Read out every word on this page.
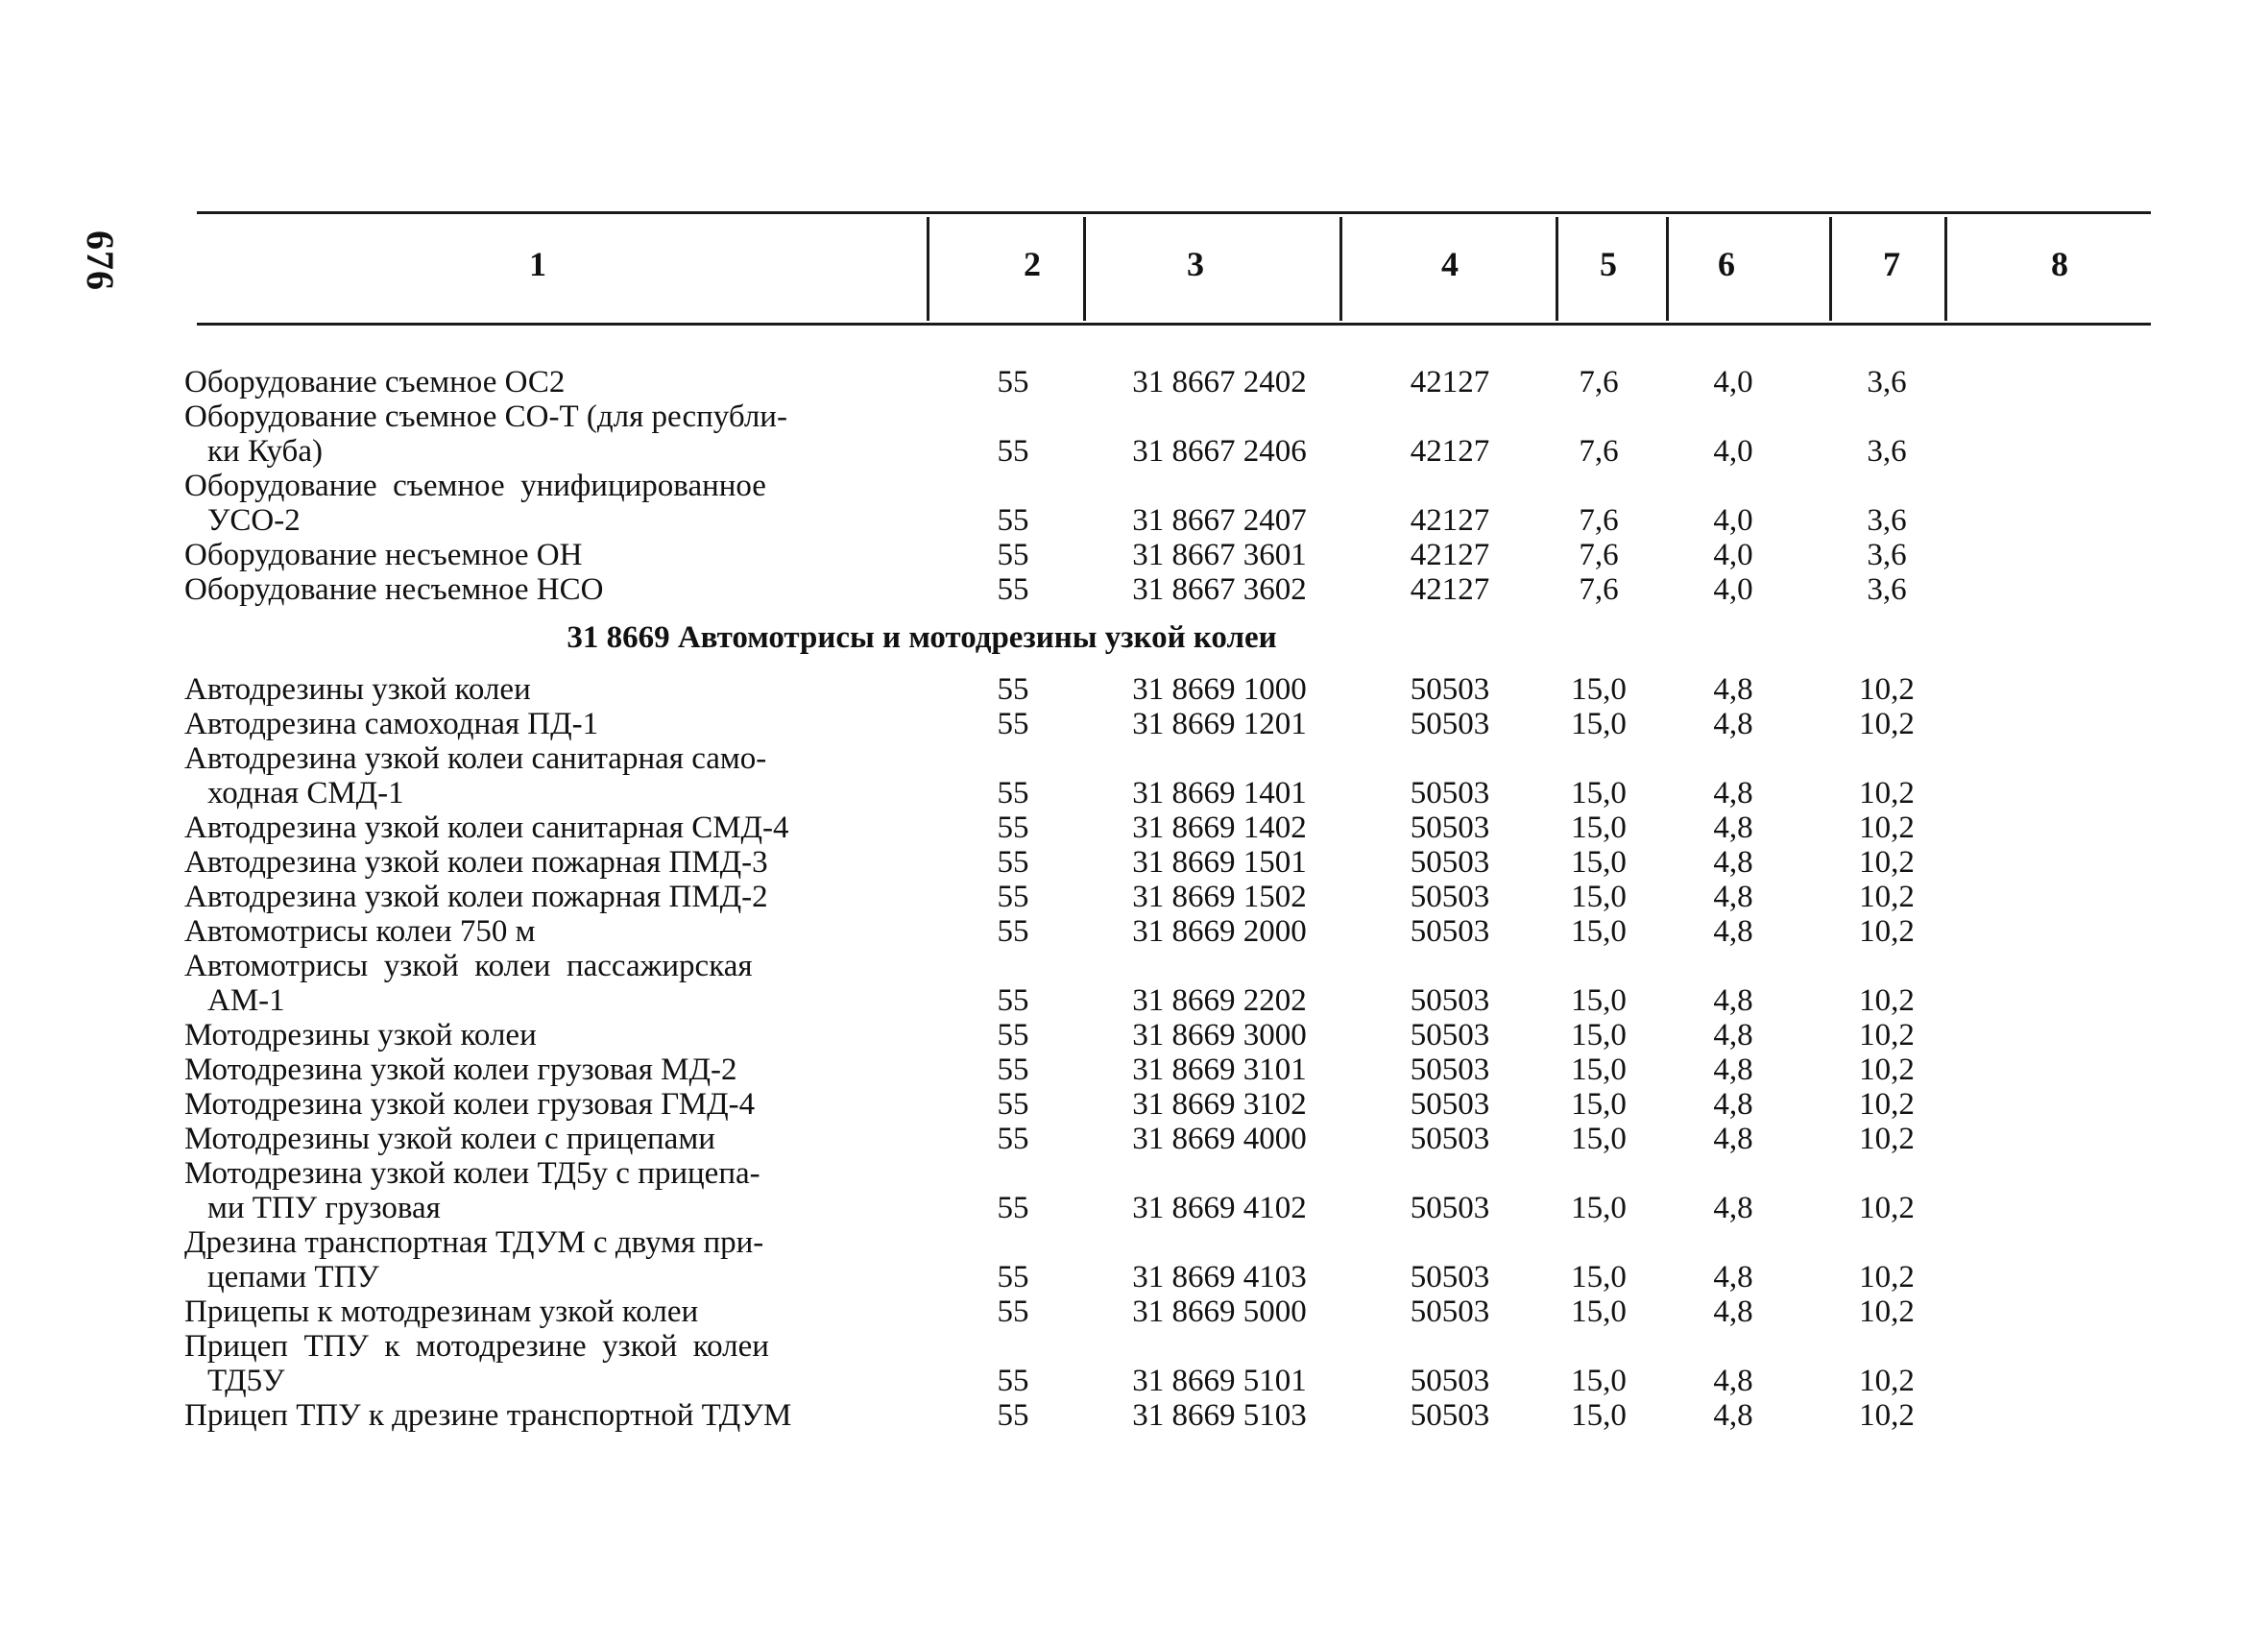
676	1	2	3	4	5	6	7	8
Оборудование съемное ОС2	55	31 8667 2402	42127	7,6	4,0	3,6
Оборудование съемное СО-Т (для республи-
ки Куба)	55	31 8667 2406	42127	7,6	4,0	3,6
Оборудование  съемное  унифицированное
УСО-2	55	31 8667 2407	42127	7,6	4,0	3,6
Оборудование несъемное ОН	55	31 8667 3601	42127	7,6	4,0	3,6
Оборудование несъемное НСО	55	31 8667 3602	42127	7,6	4,0	3,6
31 8669 Автомотрисы и мотодрезины узкой колеи
Автодрезины узкой колеи	55	31 8669 1000	50503	15,0	4,8	10,2
Автодрезина самоходная ПД-1	55	31 8669 1201	50503	15,0	4,8	10,2
Автодрезина узкой колеи санитарная само-
ходная СМД-1	55	31 8669 1401	50503	15,0	4,8	10,2
Автодрезина узкой колеи санитарная СМД-4	55	31 8669 1402	50503	15,0	4,8	10,2
Автодрезина узкой колеи пожарная ПМД-3	55	31 8669 1501	50503	15,0	4,8	10,2
Автодрезина узкой колеи пожарная ПМД-2	55	31 8669 1502	50503	15,0	4,8	10,2
Автомотрисы колеи 750 м	55	31 8669 2000	50503	15,0	4,8	10,2
Автомотрисы  узкой  колеи  пассажирская
АМ-1	55	31 8669 2202	50503	15,0	4,8	10,2
Мотодрезины узкой колеи	55	31 8669 3000	50503	15,0	4,8	10,2
Мотодрезина узкой колеи грузовая МД-2	55	31 8669 3101	50503	15,0	4,8	10,2
Мотодрезина узкой колеи грузовая ГМД-4	55	31 8669 3102	50503	15,0	4,8	10,2
Мотодрезины узкой колеи с прицепами	55	31 8669 4000	50503	15,0	4,8	10,2
Мотодрезина узкой колеи ТД5у с прицепа-
ми ТПУ грузовая	55	31 8669 4102	50503	15,0	4,8	10,2
Дрезина транспортная ТДУМ с двумя при-
цепами ТПУ	55	31 8669 4103	50503	15,0	4,8	10,2
Прицепы к мотодрезинам узкой колеи	55	31 8669 5000	50503	15,0	4,8	10,2
Прицеп  ТПУ  к  мотодрезине  узкой  колеи
ТД5У	55	31 8669 5101	50503	15,0	4,8	10,2
Прицеп ТПУ к дрезине транспортной ТДУМ	55	31 8669 5103	50503	15,0	4,8	10,2
